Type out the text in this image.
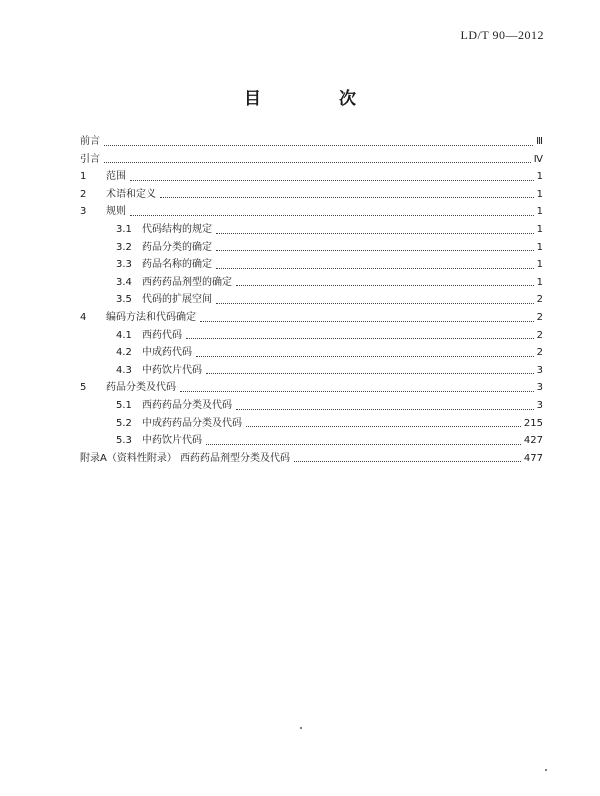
LD/T 90—2012
目 次
前言	Ⅲ
引言	Ⅳ
1	范围	1
2	术语和定义	1
3	规则	1
3.1	代码结构的规定	1
3.2	药品分类的确定	1
3.3	药品名称的确定	1
3.4	西药药品剂型的确定	1
3.5	代码的扩展空间	2
4	编码方法和代码确定	2
4.1	西药代码	2
4.2	中成药代码	2
4.3	中药饮片代码	3
5	药品分类及代码	3
5.1	西药药品分类及代码	3
5.2	中成药药品分类及代码	215
5.3	中药饮片代码	427
附录A（资料性附录） 西药药品剂型分类及代码	477
